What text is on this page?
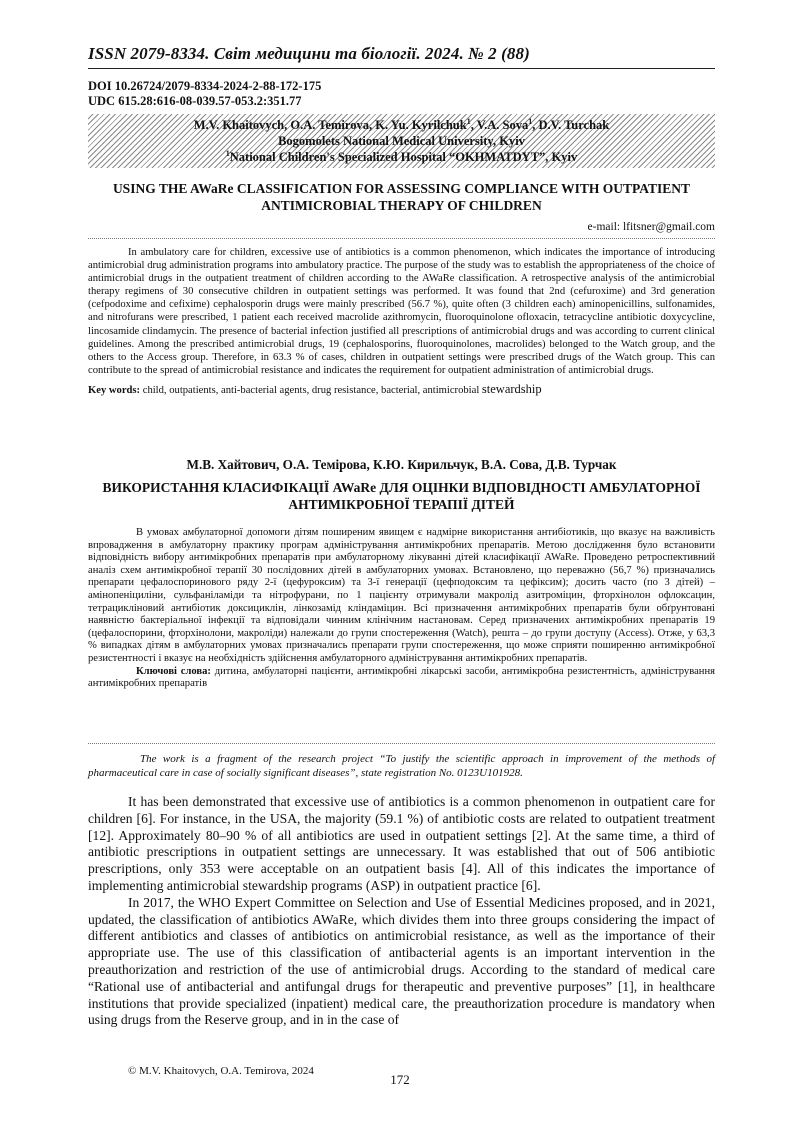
ISSN 2079-8334. Світ медицини та біології. 2024. № 2 (88)
DOI 10.26724/2079-8334-2024-2-88-172-175
UDC 615.28:616-08-039.57-053.2:351.77
M.V. Khaitovych, O.A. Temirova, K. Yu. Kyrilchuk$^1$, V.A. Sova$^1$, D.V. Turchak
Bogomolets National Medical University, Kyiv
$^1$National Children's Specialized Hospital “OKHMATDYT”, Kyiv
USING THE AWaRe CLASSIFICATION FOR ASSESSING COMPLIANCE WITH OUTPATIENT ANTIMICROBIAL THERAPY OF CHILDREN
e-mail: lfitsner@gmail.com

In ambulatory care for children, excessive use of antibiotics is a common phenomenon, which indicates the importance of introducing antimicrobial drug administration programs into ambulatory practice. The purpose of the study was to establish the appropriateness of the choice of antimicrobial drugs in the outpatient treatment of children according to the AWaRe classification. A retrospective analysis of the antimicrobial therapy regimens of 30 consecutive children in outpatient settings was performed. It was found that 2nd (cefuroxime) and 3rd generation (cefpodoxime and cefixime) cephalosporin drugs were mainly prescribed (56.7 %), quite often (3 children each) aminopenicillins, sulfonamides, and nitrofurans were prescribed, 1 patient each received macrolide azithromycin, fluoroquinolone ofloxacin, tetracycline antibiotic doxycycline, lincosamide clindamycin. The presence of bacterial infection justified all prescriptions of antimicrobial drugs and was according to current clinical guidelines. Among the prescribed antimicrobial drugs, 19 (cephalosporins, fluoroquinolones, macrolides) belonged to the Watch group, and the others to the Access group. Therefore, in 63.3 % of cases, children in outpatient settings were prescribed drugs of the Watch group. This can contribute to the spread of antimicrobial resistance and indicates the requirement for outpatient administration of antimicrobial drugs.

Key words: child, outpatients, anti-bacterial agents, drug resistance, bacterial, antimicrobial stewardship
М.В. Хайтович, О.А. Темірова, К.Ю. Кирильчук, В.А. Сова, Д.В. Турчак
ВИКОРИСТАННЯ КЛАСИФІКАЦІЇ AWaRe ДЛЯ ОЦІНКИ ВІДПОВІДНОСТІ АМБУЛАТОРНОЇ АНТИМІКРОБНОЇ ТЕРАПІЇ ДІТЕЙ

В умовах амбулаторної допомоги дітям поширеним явищем є надмірне використання антибіотиків, що вказує на важливість впровадження в амбулаторну практику програм адміністрування антимікробних препаратів. Метою дослідження було встановити відповідність вибору антимікробних препаратів при амбулаторному лікуванні дітей класифікації AWaRe. Проведено ретроспективний аналіз схем антимікробної терапії 30 послідовних дітей в амбулаторних умовах. Встановлено, що переважно (56,7 %) призначались препарати цефалоспоринового ряду 2-ї (цефуроксим) та 3-ї генерації (цефподоксим та цефіксим); досить часто (по 3 дітей) – амінопеніциліни, сульфаніламіди та нітрофурани, по 1 пацієнту отримували макролід азитроміцин, фторхінолон офлоксацин, тетрацикліновий антибіотик доксициклін, лінкозамід кліндаміцин. Всі призначення антимікробних препаратів були обґрунтовані наявністю бактеріальної інфекції та відповідали чинним клінічним настановам. Серед призначених антимікробних препаратів 19 (цефалоспорини, фторхінолони, макроліди) належали до групи спостереження (Watch), решта – до групи доступу (Access). Отже, у 63,3 % випадках дітям в амбулаторних умовах призначались препарати групи спостереження, що може сприяти поширенню антимікробної резистентності і вказує на необхідність здійснення амбулаторного адміністрування антимікробних препаратів.

Ключові слова: дитина, амбулаторні пацієнти, антимікробні лікарські засоби, антимікробна резистентність, адміністрування антимікробних препаратів

The work is a fragment of the research project “To justify the scientific approach in improvement of the methods of pharmaceutical care in case of socially significant diseases”, state registration No. 0123U101928.

It has been demonstrated that excessive use of antibiotics is a common phenomenon in outpatient care for children [6]. For instance, in the USA, the majority (59.1 %) of antibiotic costs are related to outpatient treatment [12]. Approximately 80–90 % of all antibiotics are used in outpatient settings [2]. At the same time, a third of antibiotic prescriptions in outpatient settings are unnecessary. It was established that out of 506 antibiotic prescriptions, only 353 were acceptable on an outpatient basis [4]. All of this indicates the importance of implementing antimicrobial stewardship programs (ASP) in outpatient practice [6].

In 2017, the WHO Expert Committee on Selection and Use of Essential Medicines proposed, and in 2021, updated, the classification of antibiotics AWaRe, which divides them into three groups considering the impact of different antibiotics and classes of antibiotics on antimicrobial resistance, as well as the importance of their appropriate use. The use of this classification of antibacterial agents is an important intervention in the preauthorization and restriction of the use of antimicrobial drugs. According to the standard of medical care “Rational use of antibacterial and antifungal drugs for therapeutic and preventive purposes” [1], in healthcare institutions that provide specialized (inpatient) medical care, the preauthorization procedure is mandatory when using drugs from the Reserve group, and in in the case of

© M.V. Khaitovych, O.A. Temirova, 2024
172
